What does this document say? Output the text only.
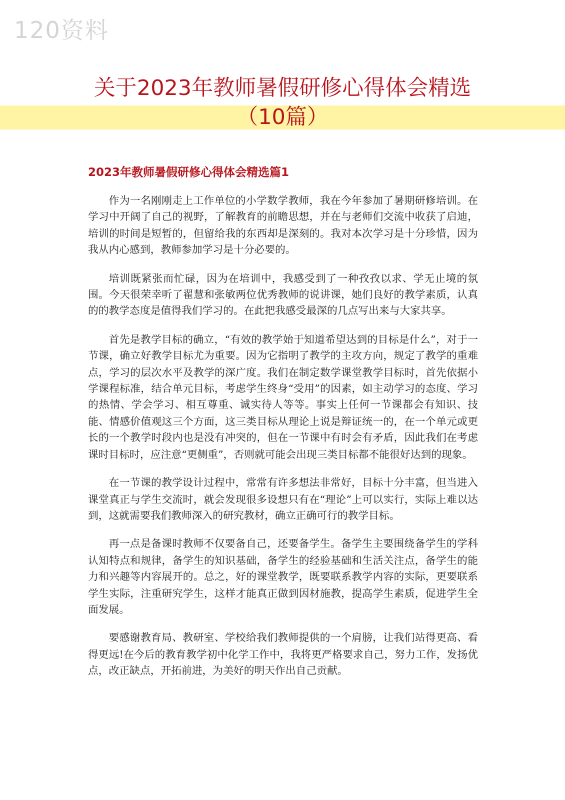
120资料
关于2023年教师暑假研修心得体会精选
（10篇）
2023年教师暑假研修心得体会精选篇1

作为一名刚刚走上工作单位的小学数学教师，我在今年参加了暑期研修培训。在学习中开阔了自己的视野，了解教育的前瞻思想，并在与老师们交流中收获了启迪，培训的时间是短暂的，但留给我的东西却是深刻的。我对本次学习是十分珍惜，因为我从内心感到，教师参加学习是十分必要的。

培训既紧张而忙碌，因为在培训中，我感受到了一种孜孜以求、学无止境的氛围。今天很荣幸听了翟慧和张敏两位优秀教师的说讲课，她们良好的教学素质，认真的的教学态度是值得我们学习的。在此把我感受最深的几点写出来与大家共享。

首先是教学目标的确立，“有效的教学始于知道希望达到的目标是什么”，对于一节课，确立好教学目标尤为重要。因为它指明了教学的主攻方向，规定了教学的重难点，学习的层次水平及教学的深广度。我们在制定数学课堂教学目标时，首先依据小学课程标准，结合单元目标，考虑学生终身“受用”的因素，如主动学习的态度、学习的热情、学会学习、相互尊重、诚实待人等等。事实上任何一节课都会有知识、技能、情感价值观这三个方面，这三类目标从理论上说是辩证统一的，在一个单元或更长的一个教学时段内也是没有冲突的，但在一节课中有时会有矛盾，因此我们在考虑课时目标时，应注意“更侧重”，否则就可能会出现三类目标都不能很好达到的现象。

在一节课的教学设计过程中，常常有许多想法非常好，目标十分丰富，但当进入课堂真正与学生交流时，就会发现很多设想只有在“理论”上可以实行，实际上难以达到，这就需要我们教师深入的研究教材，确立正确可行的教学目标。

再一点是备课时教师不仅要备自己，还要备学生。备学生主要围绕备学生的学科认知特点和规律，备学生的知识基础，备学生的经验基础和生活关注点，备学生的能力和兴趣等内容展开的。总之，好的课堂教学，既要联系教学内容的实际，更要联系学生实际，注重研究学生，这样才能真正做到因材施教，提高学生素质，促进学生全面发展。

要感谢教育局、教研室、学校给我们教师提供的一个肩膀，让我们站得更高、看得更远!在今后的教育教学初中化学工作中，我将更严格要求自己，努力工作，发扬优点，改正缺点，开拓前进，为美好的明天作出自己贡献。
